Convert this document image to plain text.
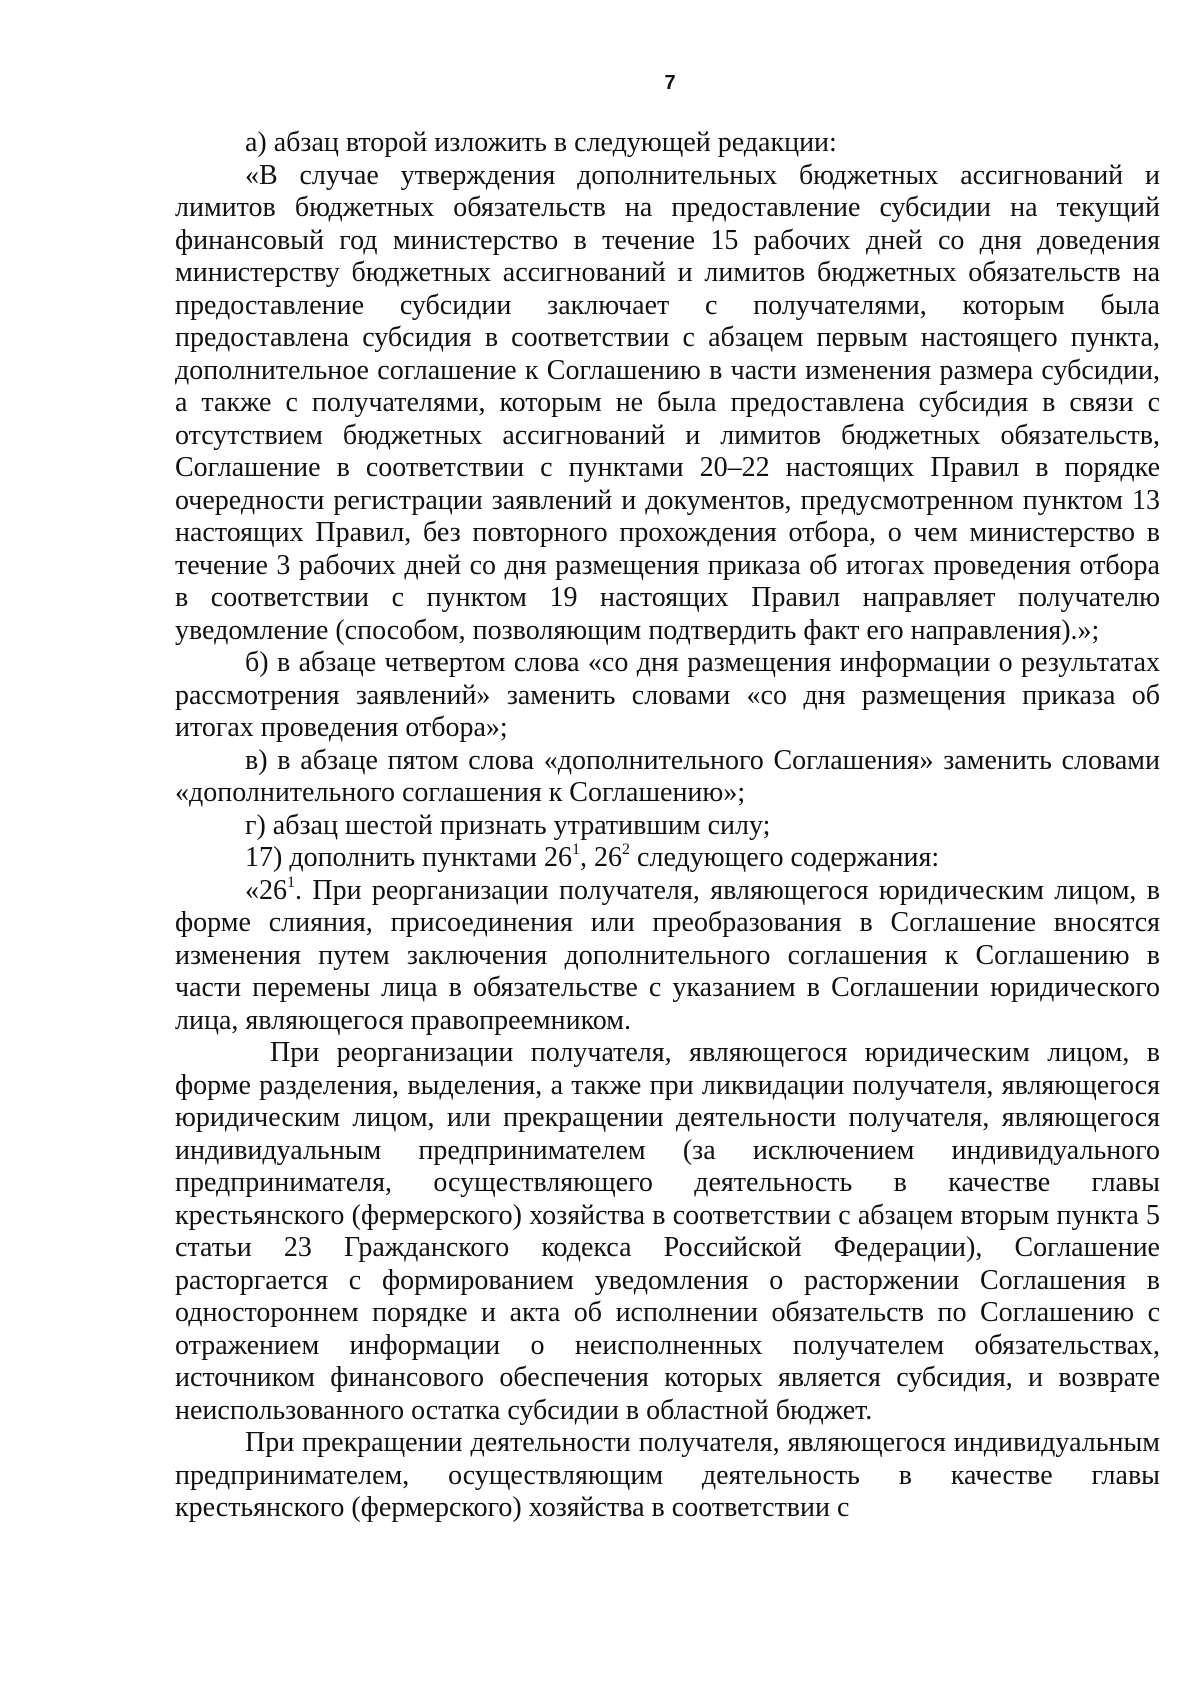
7

а) абзац второй изложить в следующей редакции:

«В случае утверждения дополнительных бюджетных ассигнований и лимитов бюджетных обязательств на предоставление субсидии на текущий финансовый год министерство в течение 15 рабочих дней со дня доведения министерству бюджетных ассигнований и лимитов бюджетных обязательств на предоставление субсидии заключает с получателями, которым была предоставлена субсидия в соответствии с абзацем первым настоящего пункта, дополнительное соглашение к Соглашению в части изменения размера субсидии, а также с получателями, которым не была предоставлена субсидия в связи с отсутствием бюджетных ассигнований и лимитов бюджетных обязательств, Соглашение в соответствии с пунктами 20–22 настоящих Правил в порядке очередности регистрации заявлений и документов, предусмотренном пунктом 13 настоящих Правил, без повторного прохождения отбора, о чем министерство в течение 3 рабочих дней со дня размещения приказа об итогах проведения отбора в соответствии с пунктом 19 настоящих Правил направляет получателю уведомление (способом, позволяющим подтвердить факт его направления).»;

б) в абзаце четвертом слова «со дня размещения информации о результатах рассмотрения заявлений» заменить словами «со дня размещения приказа об итогах проведения отбора»;

в) в абзаце пятом слова «дополнительного Соглашения» заменить словами «дополнительного соглашения к Соглашению»;

г) абзац шестой признать утратившим силу;

17) дополнить пунктами $26^1$, $26^2$ следующего содержания:

«$26^1$. При реорганизации получателя, являющегося юридическим лицом, в форме слияния, присоединения или преобразования в Соглашение вносятся изменения путем заключения дополнительного соглашения к Соглашению в части перемены лица в обязательстве с указанием в Соглашении юридического лица, являющегося правопреемником.

При реорганизации получателя, являющегося юридическим лицом, в форме разделения, выделения, а также при ликвидации получателя, являющегося юридическим лицом, или прекращении деятельности получателя, являющегося индивидуальным предпринимателем (за исключением индивидуального предпринимателя, осуществляющего деятельность в качестве главы крестьянского (фермерского) хозяйства в соответствии с абзацем вторым пункта 5 статьи 23 Гражданского кодекса Российской Федерации), Соглашение расторгается с формированием уведомления о расторжении Соглашения в одностороннем порядке и акта об исполнении обязательств по Соглашению с отражением информации о неисполненных получателем обязательствах, источником финансового обеспечения которых является субсидия, и возврате неиспользованного остатка субсидии в областной бюджет.

При прекращении деятельности получателя, являющегося индивидуальным предпринимателем, осуществляющим деятельность в качестве главы крестьянского (фермерского) хозяйства в соответствии с
